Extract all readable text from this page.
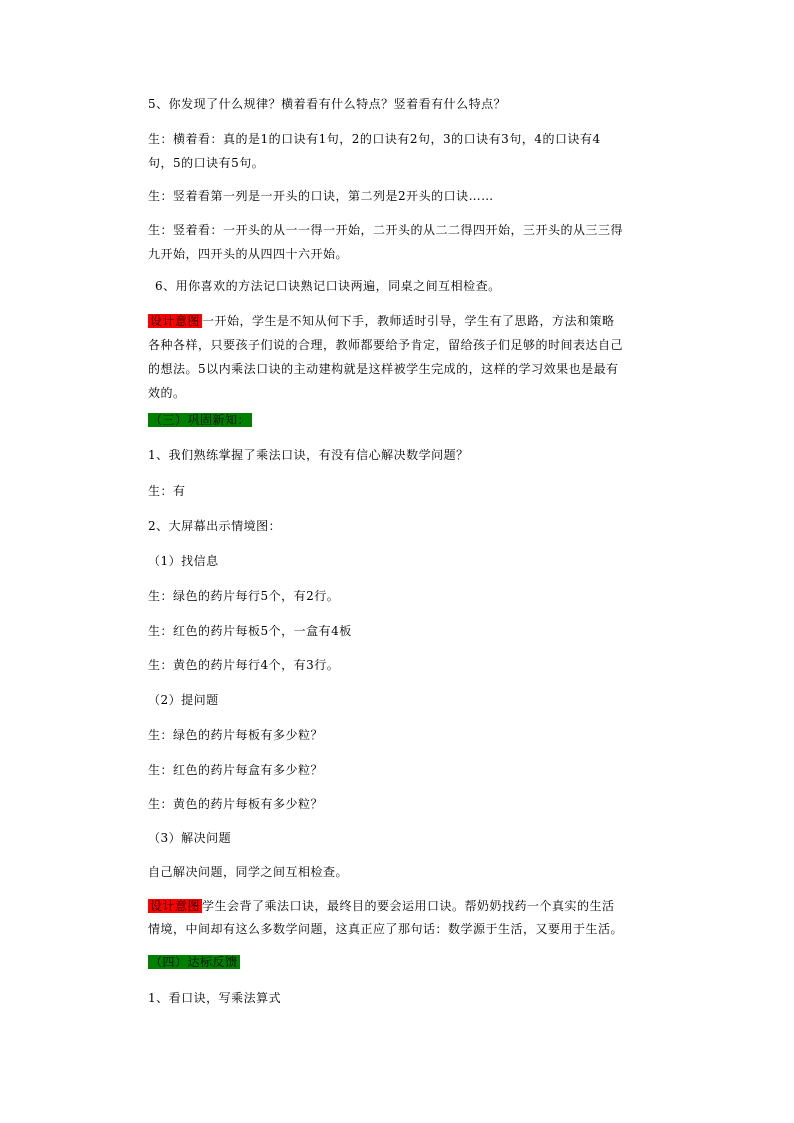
5、你发现了什么规律？横着看有什么特点？竖着看有什么特点？
生：横着看：真的是1的口诀有1句，2的口诀有2句，3的口诀有3句，4的口诀有4
句，5的口诀有5句。
生：竖着看第一列是一开头的口诀，第二列是2开头的口诀……
生：竖着看：一开头的从一一得一开始，二开头的从二二得四开始，三开头的从三三得
九开始，四开头的从四四十六开始。
6、用你喜欢的方法记口诀熟记口诀两遍，同桌之间互相检查。
设计意图 一开始，学生是不知从何下手，教师适时引导，学生有了思路，方法和策略
各种各样，只要孩子们说的合理，教师都要给予肯定，留给孩子们足够的时间表达自己
的想法。5以内乘法口诀的主动建构就是这样被学生完成的，这样的学习效果也是最有
效的。
（三）巩固新知：
1、我们熟练掌握了乘法口诀，有没有信心解决数学问题？
生：有
2、大屏幕出示情境图：
（1）找信息
生：绿色的药片每行5个，有2行。
生：红色的药片每板5个，一盒有4板
生：黄色的药片每行4个，有3行。
（2）提问题
生：绿色的药片每板有多少粒？
生：红色的药片每盒有多少粒？
生：黄色的药片每板有多少粒？
（3）解决问题
自己解决问题，同学之间互相检查。
设计意图 学生会背了乘法口诀，最终目的要会运用口诀。帮奶奶找药一个真实的生活
情境，中间却有这么多数学问题，这真正应了那句话：数学源于生活，又要用于生活。
（四）达标反馈
1、看口诀，写乘法算式
